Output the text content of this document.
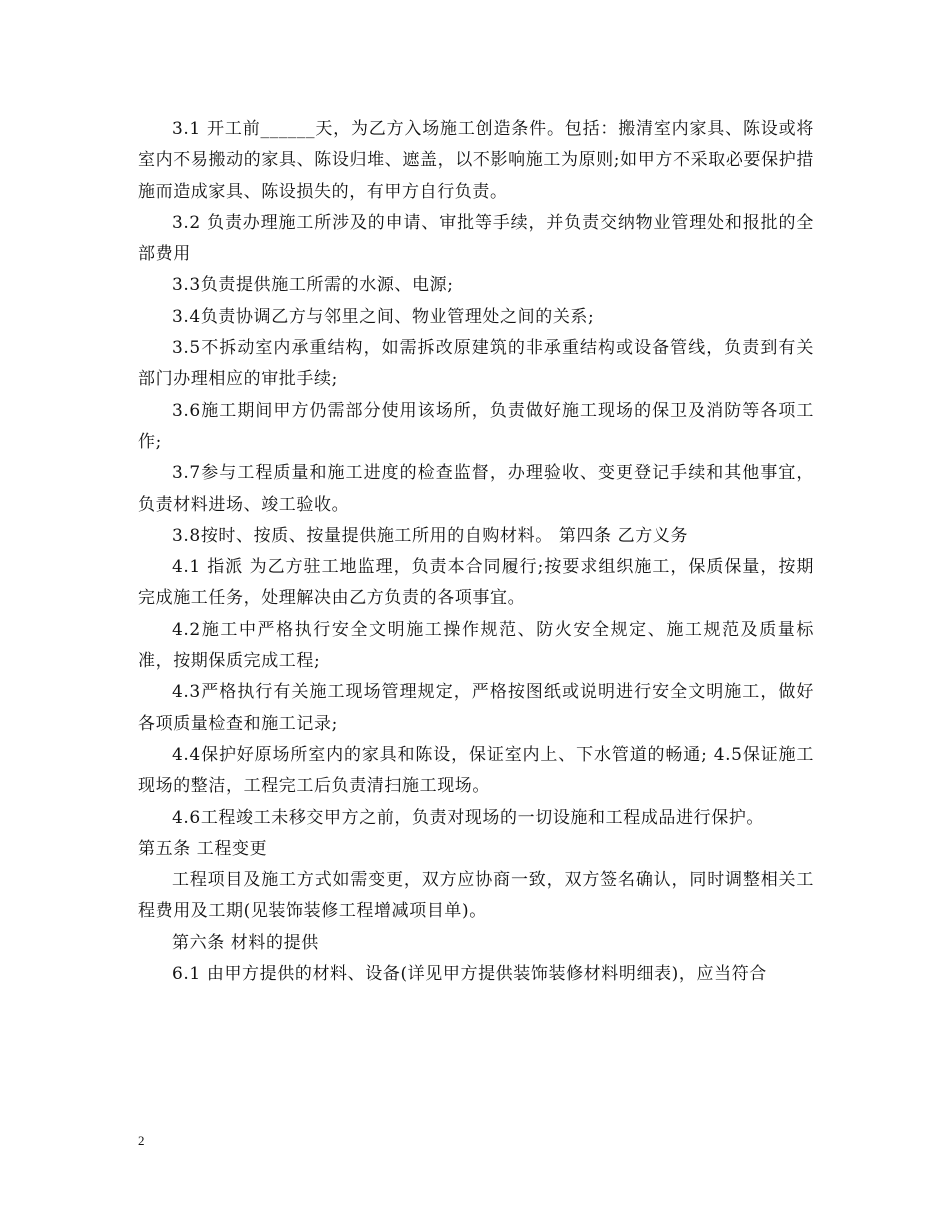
3.1 开工前______天，为乙方入场施工创造条件。包括：搬清室内家具、陈设或将室内不易搬动的家具、陈设归堆、遮盖，以不影响施工为原则;如甲方不采取必要保护措施而造成家具、陈设损失的，有甲方自行负责。

3.2 负责办理施工所涉及的申请、审批等手续，并负责交纳物业管理处和报批的全部费用

3.3负责提供施工所需的水源、电源;

3.4负责协调乙方与邻里之间、物业管理处之间的关系;

3.5不拆动室内承重结构，如需拆改原建筑的非承重结构或设备管线，负责到有关部门办理相应的审批手续;

3.6施工期间甲方仍需部分使用该场所，负责做好施工现场的保卫及消防等各项工作;

3.7参与工程质量和施工进度的检查监督，办理验收、变更登记手续和其他事宜，负责材料进场、竣工验收。

3.8按时、按质、按量提供施工所用的自购材料。 第四条 乙方义务

4.1 指派 为乙方驻工地监理，负责本合同履行;按要求组织施工，保质保量，按期完成施工任务，处理解决由乙方负责的各项事宜。

4.2施工中严格执行安全文明施工操作规范、防火安全规定、施工规范及质量标准，按期保质完成工程;

4.3严格执行有关施工现场管理规定，严格按图纸或说明进行安全文明施工，做好各项质量检查和施工记录;

4.4保护好原场所室内的家具和陈设，保证室内上、下水管道的畅通; 4.5保证施工现场的整洁，工程完工后负责清扫施工现场。

4.6工程竣工未移交甲方之前，负责对现场的一切设施和工程成品进行保护。

第五条 工程变更

工程项目及施工方式如需变更，双方应协商一致，双方签名确认，同时调整相关工程费用及工期(见装饰装修工程增减项目单)。

第六条 材料的提供

6.1 由甲方提供的材料、设备(详见甲方提供装饰装修材料明细表)，应当符合

2
